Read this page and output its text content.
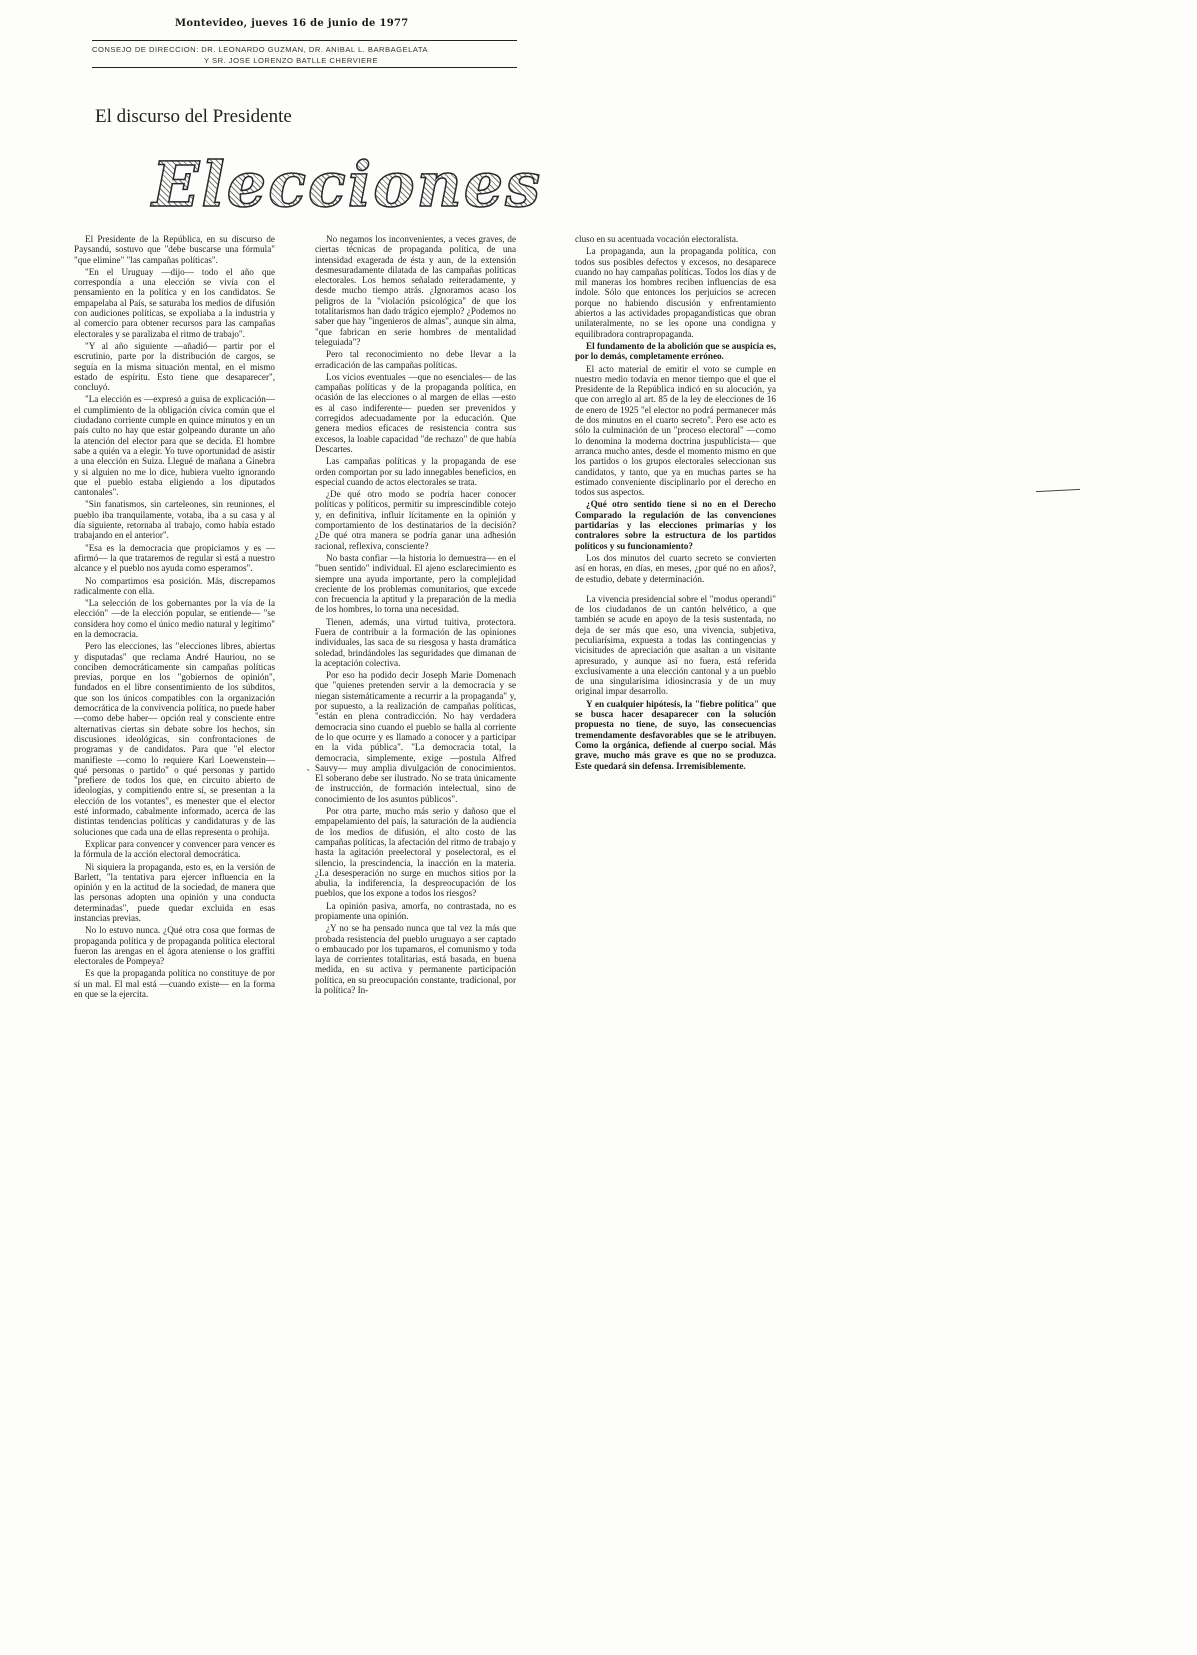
Montevideo, jueves 16 de junio de 1977
CONSEJO DE DIRECCION: DR. LEONARDO GUZMAN, DR. ANIBAL L. BARBAGELATA
Y SR. JOSE LORENZO BATLLE CHERVIERE
El discurso del Presidente
Elecciones

El Presidente de la República, en su discurso de Paysandú, sostuvo que "debe buscarse una fórmula" "que elimine" "las campañas políticas".

"En el Uruguay —dijo— todo el año que correspondía a una elección se vivía con el pensamiento en la política y en los candidatos. Se empapelaba al País, se saturaba los medios de difusión con audiciones políticas, se expoliaba a la industria y al comercio para obtener recursos para las campañas electorales y se paralizaba el ritmo de trabajo".

"Y al año siguiente —añadió— partir por el escrutinio, parte por la distribución de cargos, se seguía en la misma situación mental, en el mismo estado de espíritu. Esto tiene que desaparecer", concluyó.

"La elección es —expresó a guisa de explicación— el cumplimiento de la obligación cívica común que el ciudadano corriente cumple en quince minutos y en un país culto no hay que estar golpeando durante un año la atención del elector para que se decida. El hombre sabe a quién va a elegir. Yo tuve oportunidad de asistir a una elección en Suiza. Llegué de mañana a Ginebra y si alguien no me lo dice, hubiera vuelto ignorando que el pueblo estaba eligiendo a los diputados cantonales".

"Sin fanatismos, sin carteleones, sin reuniones, el pueblo iba tranquilamente, votaba, iba a su casa y al día siguiente, retornaba al trabajo, como había estado trabajando en el anterior".

"Esa es la democracia que propiciamos y es —afirmó— la que trataremos de regular si está a nuestro alcance y el pueblo nos ayuda como esperamos".

No compartimos esa posición. Más, discrepamos radicalmente con ella.

"La selección de los gobernantes por la vía de la elección" —de la elección popular, se entiende— "se considera hoy como el único medio natural y legítimo" en la democracia.

Pero las elecciones, las "elecciones libres, abiertas y disputadas" que reclama André Hauriou, no se conciben democráticamente sin campañas políticas previas, porque en los "gobiernos de opinión", fundados en el libre consentimiento de los súbditos, que son los únicos compatibles con la organización democrática de la convivencia política, no puede haber —como debe haber— opción real y consciente entre alternativas ciertas sin debate sobre los hechos, sin discusiones ideológicas, sin confrontaciones de programas y de candidatos. Para que "el elector manifieste —como lo requiere Karl Loewenstein— qué personas o partido" o qué personas y partido "prefiere de todos los que, en circuito abierto de ideologías, y compitiendo entre sí, se presentan a la elección de los votantes", es menester que el elector esté informado, cabalmente informado, acerca de las distintas tendencias políticas y candidaturas y de las soluciones que cada una de ellas representa o prohíja.

Explicar para convencer y convencer para vencer es la fórmula de la acción electoral democrática.

Ni siquiera la propaganda, esto es, en la versión de Barlett, "la tentativa para ejercer influencia en la opinión y en la actitud de la sociedad, de manera que las personas adopten una opinión y una conducta determinadas", puede quedar excluida en esas instancias previas.

No lo estuvo nunca. ¿Qué otra cosa que formas de propaganda política y de propaganda política electoral fueron las arengas en el ágora ateniense o los graffiti electorales de Pompeya?

Es que la propaganda política no constituye de por sí un mal. El mal está —cuando existe— en la forma en que se la ejercita.

No negamos los inconvenientes, a veces graves, de ciertas técnicas de propaganda política, de una intensidad exagerada de ésta y aun, de la extensión desmesuradamente dilatada de las campañas políticas electorales. Los hemos señalado reiteradamente, y desde mucho tiempo atrás. ¿Ignoramos acaso los peligros de la "violación psicológica" de que los totalitarismos han dado trágico ejemplo? ¿Podemos no saber que hay "ingenieros de almas", aunque sin alma, "que fabrican en serie hombres de mentalidad teleguiada"?

Pero tal reconocimiento no debe llevar a la erradicación de las campañas políticas.

Los vicios eventuales —que no esenciales— de las campañas políticas y de la propaganda política, en ocasión de las elecciones o al margen de ellas —esto es al caso indiferente— pueden ser prevenidos y corregidos adecuadamente por la educación. Que genera medios eficaces de resistencia contra sus excesos, la loable capacidad "de rechazo" de que había Descartes.

Las campañas políticas y la propaganda de ese orden comportan por su lado innegables beneficios, en especial cuando de actos electorales se trata.

¿De qué otro modo se podría hacer conocer políticas y políticos, permitir su imprescindible cotejo y, en definitiva, influir lícitamente en la opinión y comportamiento de los destinatarios de la decisión? ¿De qué otra manera se podría ganar una adhesión racional, reflexiva, consciente?

No basta confiar —la historia lo demuestra— en el "buen sentido" individual. El ajeno esclarecimiento es siempre una ayuda importante, pero la complejidad creciente de los problemas comunitarios, que excede con frecuencia la aptitud y la preparación de la media de los hombres, lo torna una necesidad.

Tienen, además, una virtud tuitiva, protectora. Fuera de contribuir a la formación de las opiniones individuales, las saca de su riesgosa y hasta dramática soledad, brindándoles las seguridades que dimanan de la aceptación colectiva.

Por eso ha podido decir Joseph Marie Domenach que "quienes pretenden servir a la democracia y se niegan sistemáticamente a recurrir a la propaganda" y, por supuesto, a la realización de campañas políticas, "están en plena contradicción. No hay verdadera democracia sino cuando el pueblo se halla al corriente de lo que ocurre y es llamado a conocer y a participar en la vida pública". "La democracia total, la democracia, simplemente, exige —postula Alfred Sauvy— muy amplia divulgación de conocimientos. El soberano debe ser ilustrado. No se trata únicamente de instrucción, de formación intelectual, sino de conocimiento de los asuntos públicos".

Por otra parte, mucho más serio y dañoso que el empapelamiento del país, la saturación de la audiencia de los medios de difusión, el alto costo de las campañas políticas, la afectación del ritmo de trabajo y hasta la agitación preelectoral y poselectoral, es el silencio, la prescindencia, la inacción en la materia. ¿La desesperación no surge en muchos sitios por la abulia, la indiferencia, la despreocupación de los pueblos, que los expone a todos los riesgos?

La opinión pasiva, amorfa, no contrastada, no es propiamente una opinión.

¿Y no se ha pensado nunca que tal vez la más que probada resistencia del pueblo uruguayo a ser captado o embaucado por los tupamaros, el comunismo y toda laya de corrientes totalitarias, está basada, en buena medida, en su activa y permanente participación política, en su preocupación constante, tradicional, por la política? In-

cluso en su acentuada vocación electoralista.

La propaganda, aun la propaganda política, con todos sus posibles defectos y excesos, no desaparece cuando no hay campañas políticas. Todos los días y de mil maneras los hombres reciben influencias de esa índole. Sólo que entonces los perjuicios se acrecen porque no habiendo discusión y enfrentamiento abiertos a las actividades propagandísticas que obran unilateralmente, no se les opone una condigna y equilibradora contrapropaganda.

El fundamento de la abolición que se auspicia es, por lo demás, completamente erróneo.

El acto material de emitir el voto se cumple en nuestro medio todavía en menor tiempo que el que el Presidente de la República indicó en su alocución, ya que con arreglo al art. 85 de la ley de elecciones de 16 de enero de 1925 "el elector no podrá permanecer más de dos minutos en el cuarto secreto". Pero ese acto es sólo la culminación de un "proceso electoral" —como lo denomina la moderna doctrina juspublicista— que arranca mucho antes, desde el momento mismo en que los partidos o los grupos electorales seleccionan sus candidatos, y tanto, que ya en muchas partes se ha estimado conveniente disciplinarlo por el derecho en todos sus aspectos.

¿Qué otro sentido tiene si no en el Derecho Comparado la regulación de las convenciones partidarias y las elecciones primarias y los contralores sobre la estructura de los partidos políticos y su funcionamiento?

Los dos minutos del cuarto secreto se convierten así en horas, en días, en meses, ¿por qué no en años?, de estudio, debate y determinación.

La vivencia presidencial sobre el "modus operandi" de los ciudadanos de un cantón helvético, a que también se acude en apoyo de la tesis sustentada, no deja de ser más que eso, una vivencia, subjetiva, peculiarísima, expuesta a todas las contingencias y vicisitudes de apreciación que asaltan a un visitante apresurado, y aunque así no fuera, está referida exclusivamente a una elección cantonal y a un pueblo de una singularísima idiosincrasia y de un muy original impar desarrollo.

Y en cualquier hipótesis, la "fiebre política" que se busca hacer desaparecer con la solución propuesta no tiene, de suyo, las consecuencias tremendamente desfavorables que se le atribuyen. Como la orgánica, defiende al cuerpo social. Más grave, mucho más grave es que no se produzca. Este quedará sin defensa. Irremisiblemente.

`
